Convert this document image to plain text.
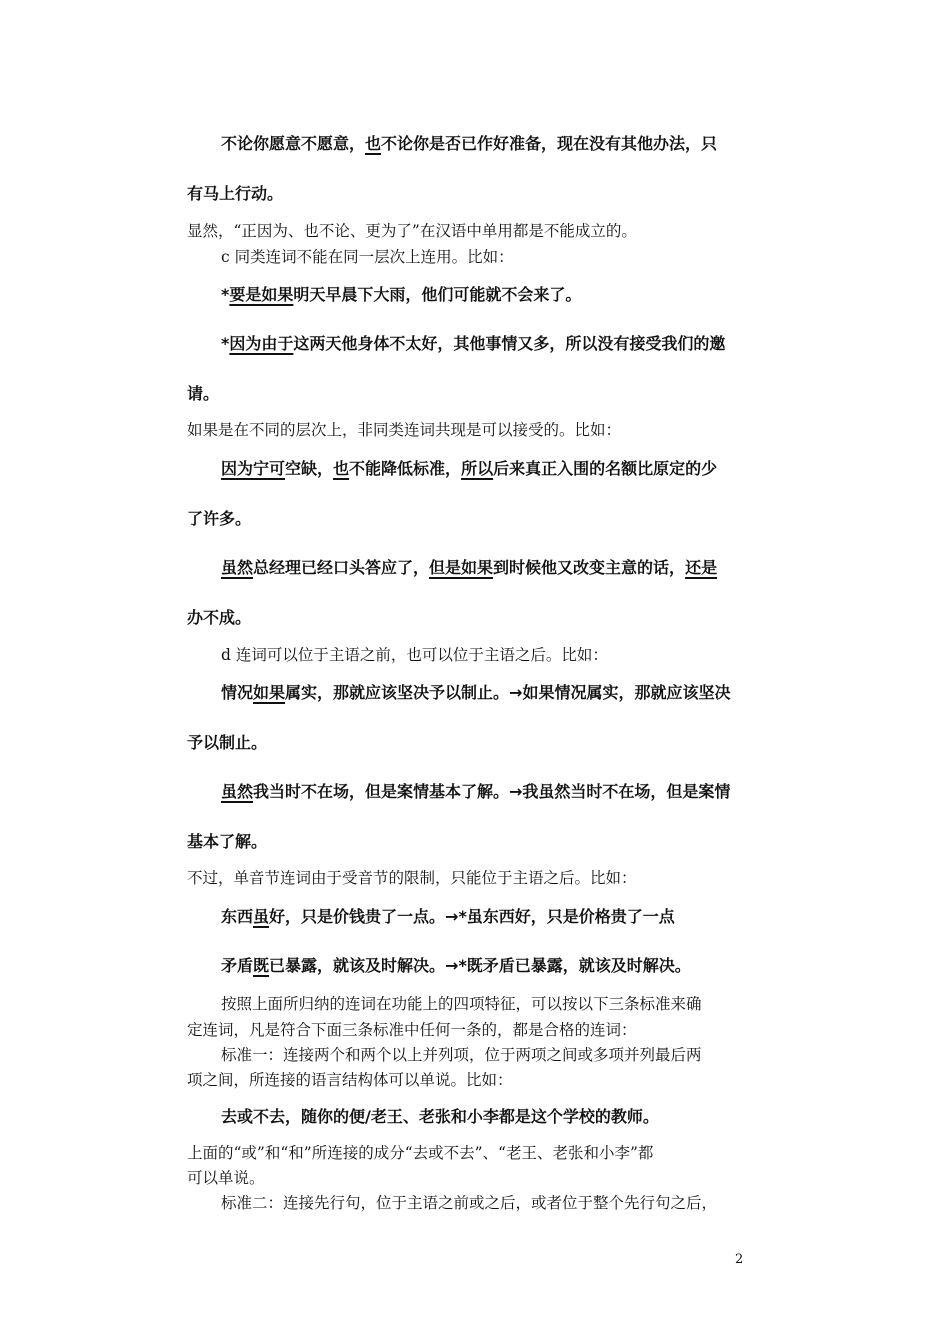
不论你愿意不愿意，也不论你是否已作好准备，现在没有其他办法，只
有马上行动。
显然，“正因为、也不论、更为了”在汉语中单用都是不能成立的。
c 同类连词不能在同一层次上连用。比如：
*要是如果明天早晨下大雨，他们可能就不会来了。
*因为由于这两天他身体不太好，其他事情又多，所以没有接受我们的邀
请。
如果是在不同的层次上，非同类连词共现是可以接受的。比如：
因为宁可空缺，也不能降低标准，所以后来真正入围的名额比原定的少
了许多。
虽然总经理已经口头答应了，但是如果到时候他又改变主意的话，还是
办不成。
d 连词可以位于主语之前，也可以位于主语之后。比如：
情况如果属实，那就应该坚决予以制止。→如果情况属实，那就应该坚决
予以制止。
虽然我当时不在场，但是案情基本了解。→我虽然当时不在场，但是案情
基本了解。
不过，单音节连词由于受音节的限制，只能位于主语之后。比如：
东西虽好，只是价钱贵了一点。→*虽东西好，只是价格贵了一点
矛盾既已暴露，就该及时解决。→*既矛盾已暴露，就该及时解决。
按照上面所归纳的连词在功能上的四项特征，可以按以下三条标准来确
定连词，凡是符合下面三条标准中任何一条的，都是合格的连词：
标准一：连接两个和两个以上并列项，位于两项之间或多项并列最后两
项之间，所连接的语言结构体可以单说。比如：
去或不去，随你的便/老王、老张和小李都是这个学校的教师。
上面的“或”和“和”所连接的成分“去或不去”、“老王、老张和小李”都
可以单说。
标准二：连接先行句，位于主语之前或之后，或者位于整个先行句之后，
2
